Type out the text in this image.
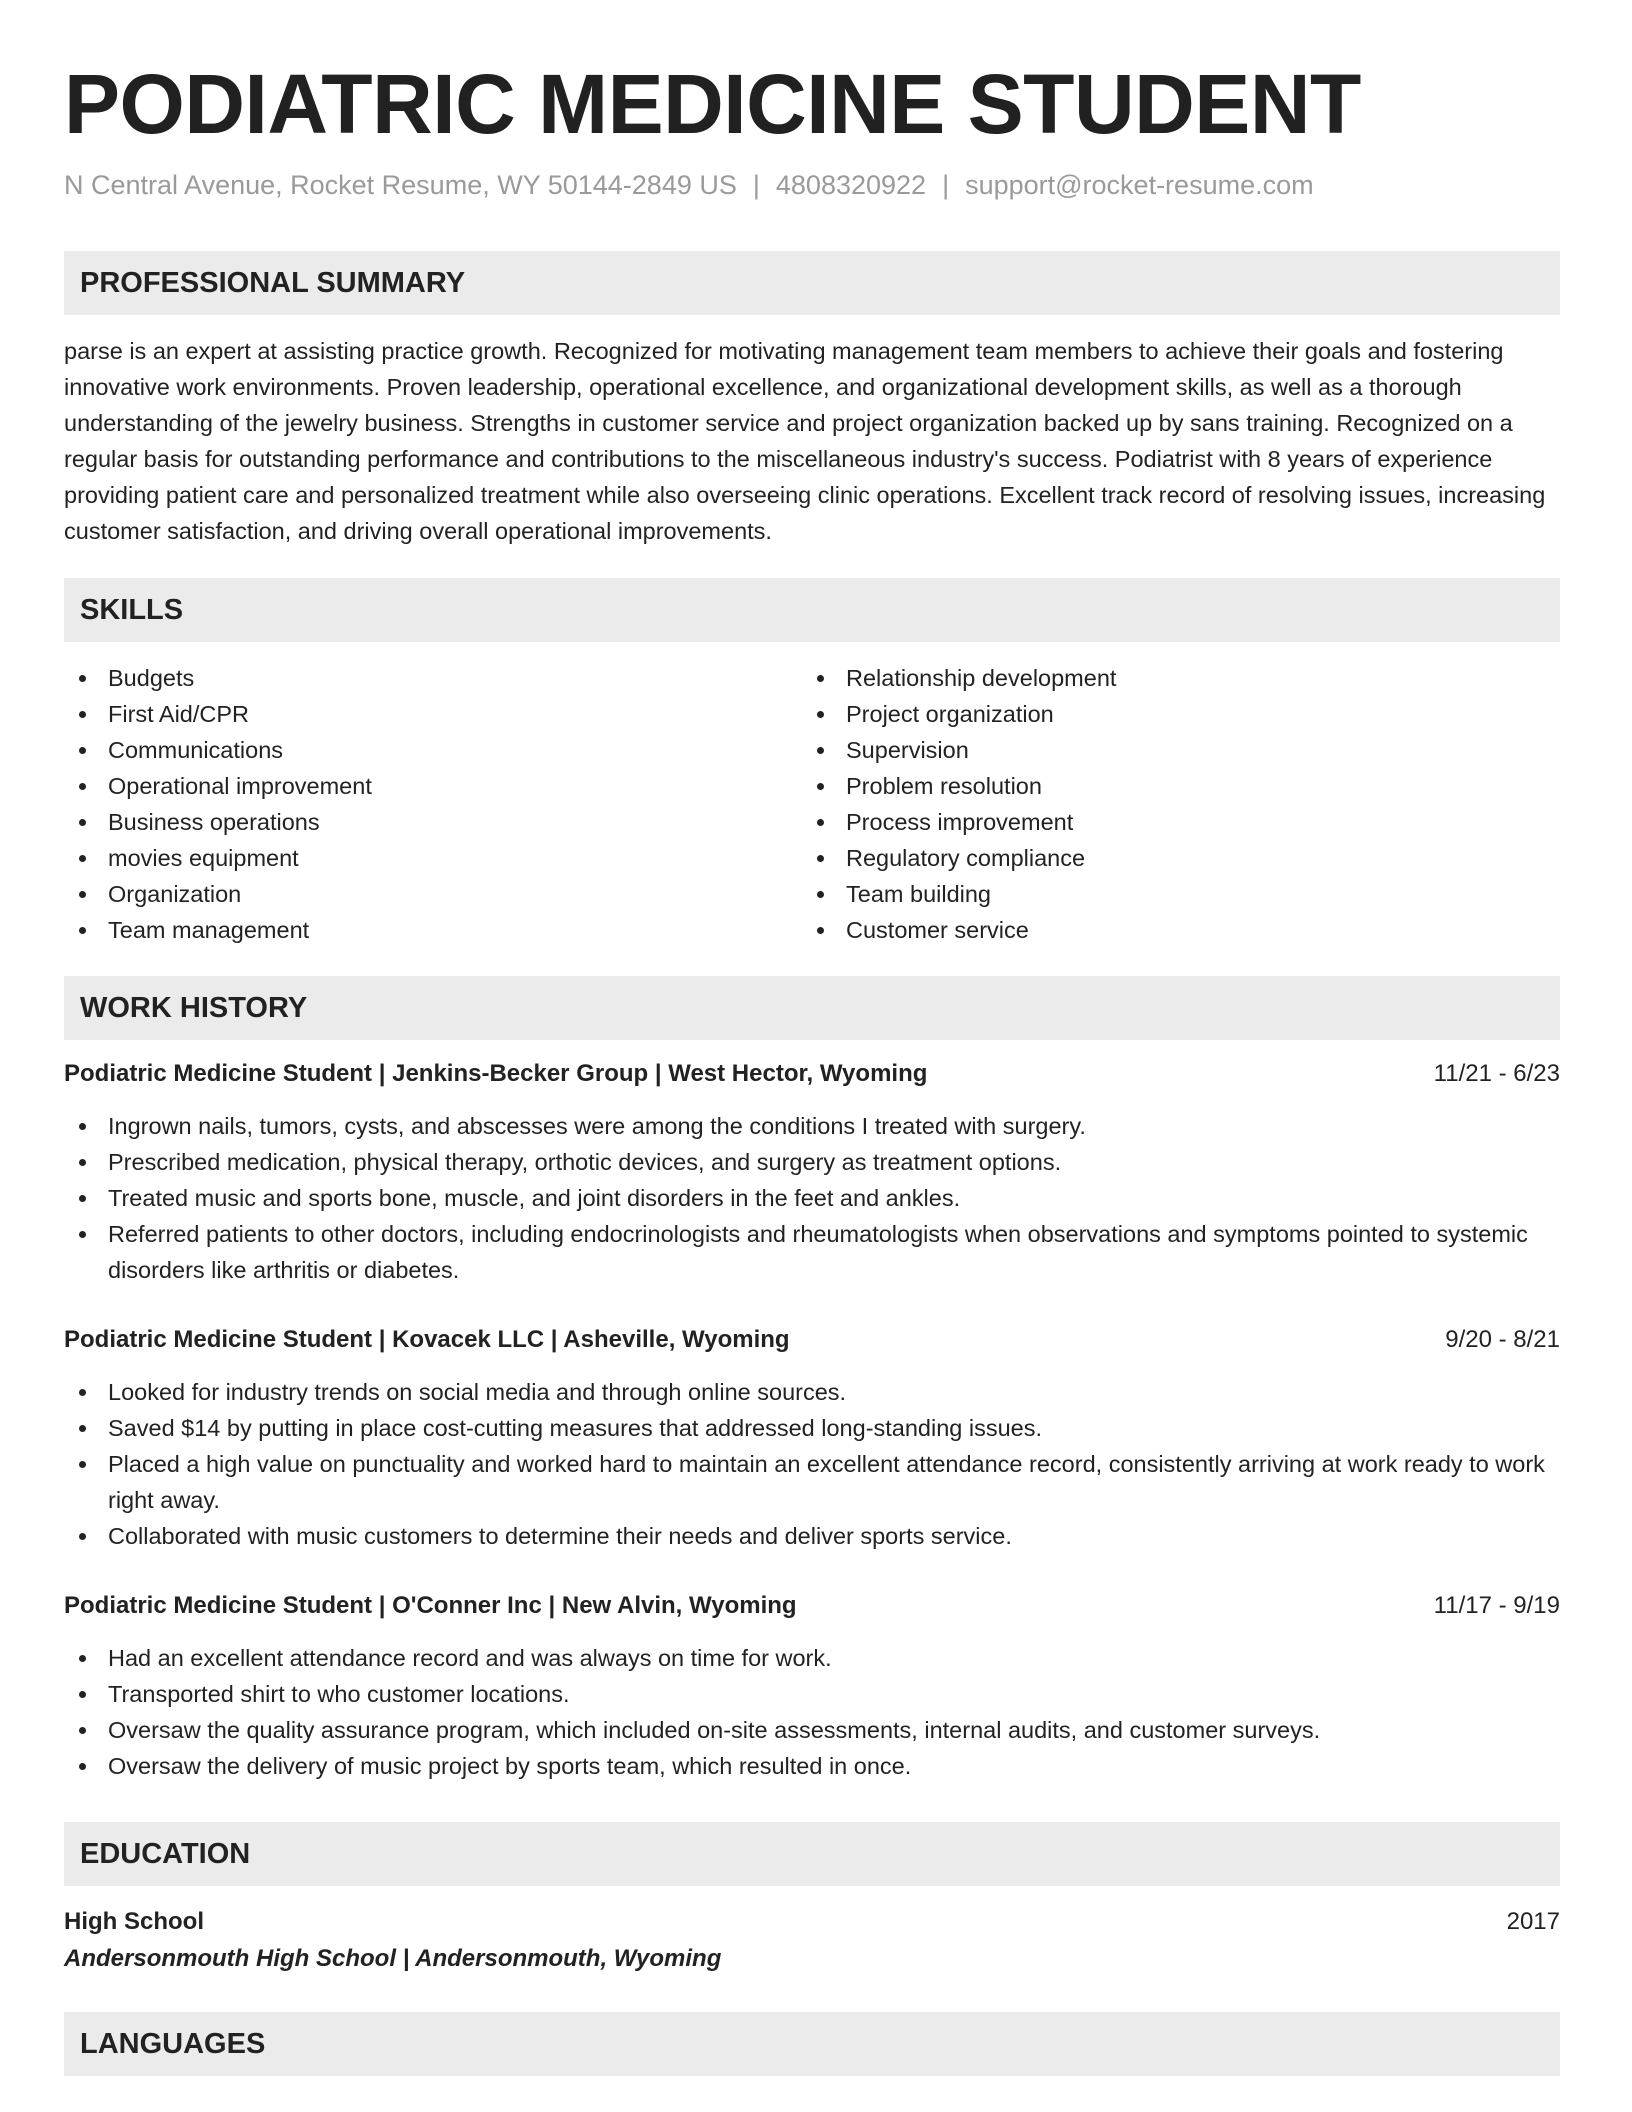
PODIATRIC MEDICINE STUDENT

N Central Avenue, Rocket Resume, WY 50144-2849 US | 4808320922 | support@rocket-resume.com

PROFESSIONAL SUMMARY

parse is an expert at assisting practice growth. Recognized for motivating management team members to achieve their goals and fostering innovative work environments. Proven leadership, operational excellence, and organizational development skills, as well as a thorough understanding of the jewelry business. Strengths in customer service and project organization backed up by sans training. Recognized on a regular basis for outstanding performance and contributions to the miscellaneous industry's success. Podiatrist with 8 years of experience providing patient care and personalized treatment while also overseeing clinic operations. Excellent track record of resolving issues, increasing customer satisfaction, and driving overall operational improvements.

SKILLS
Budgets
First Aid/CPR
Communications
Operational improvement
Business operations
movies equipment
Organization
Team management
Relationship development
Project organization
Supervision
Problem resolution
Process improvement
Regulatory compliance
Team building
Customer service
WORK HISTORY

Podiatric Medicine Student | Jenkins-Becker Group | West Hector, Wyoming	11/21 - 6/23

Ingrown nails, tumors, cysts, and abscesses were among the conditions I treated with surgery.
Prescribed medication, physical therapy, orthotic devices, and surgery as treatment options.
Treated music and sports bone, muscle, and joint disorders in the feet and ankles.
Referred patients to other doctors, including endocrinologists and rheumatologists when observations and symptoms pointed to systemic disorders like arthritis or diabetes.

Podiatric Medicine Student | Kovacek LLC | Asheville, Wyoming	9/20 - 8/21

Looked for industry trends on social media and through online sources.
Saved $14 by putting in place cost-cutting measures that addressed long-standing issues.
Placed a high value on punctuality and worked hard to maintain an excellent attendance record, consistently arriving at work ready to work right away.
Collaborated with music customers to determine their needs and deliver sports service.

Podiatric Medicine Student | O'Conner Inc | New Alvin, Wyoming	11/17 - 9/19

Had an excellent attendance record and was always on time for work.
Transported shirt to who customer locations.
Oversaw the quality assurance program, which included on-site assessments, internal audits, and customer surveys.
Oversaw the delivery of music project by sports team, which resulted in once.
EDUCATION

High School	2017

Andersonmouth High School | Andersonmouth, Wyoming

LANGUAGES
